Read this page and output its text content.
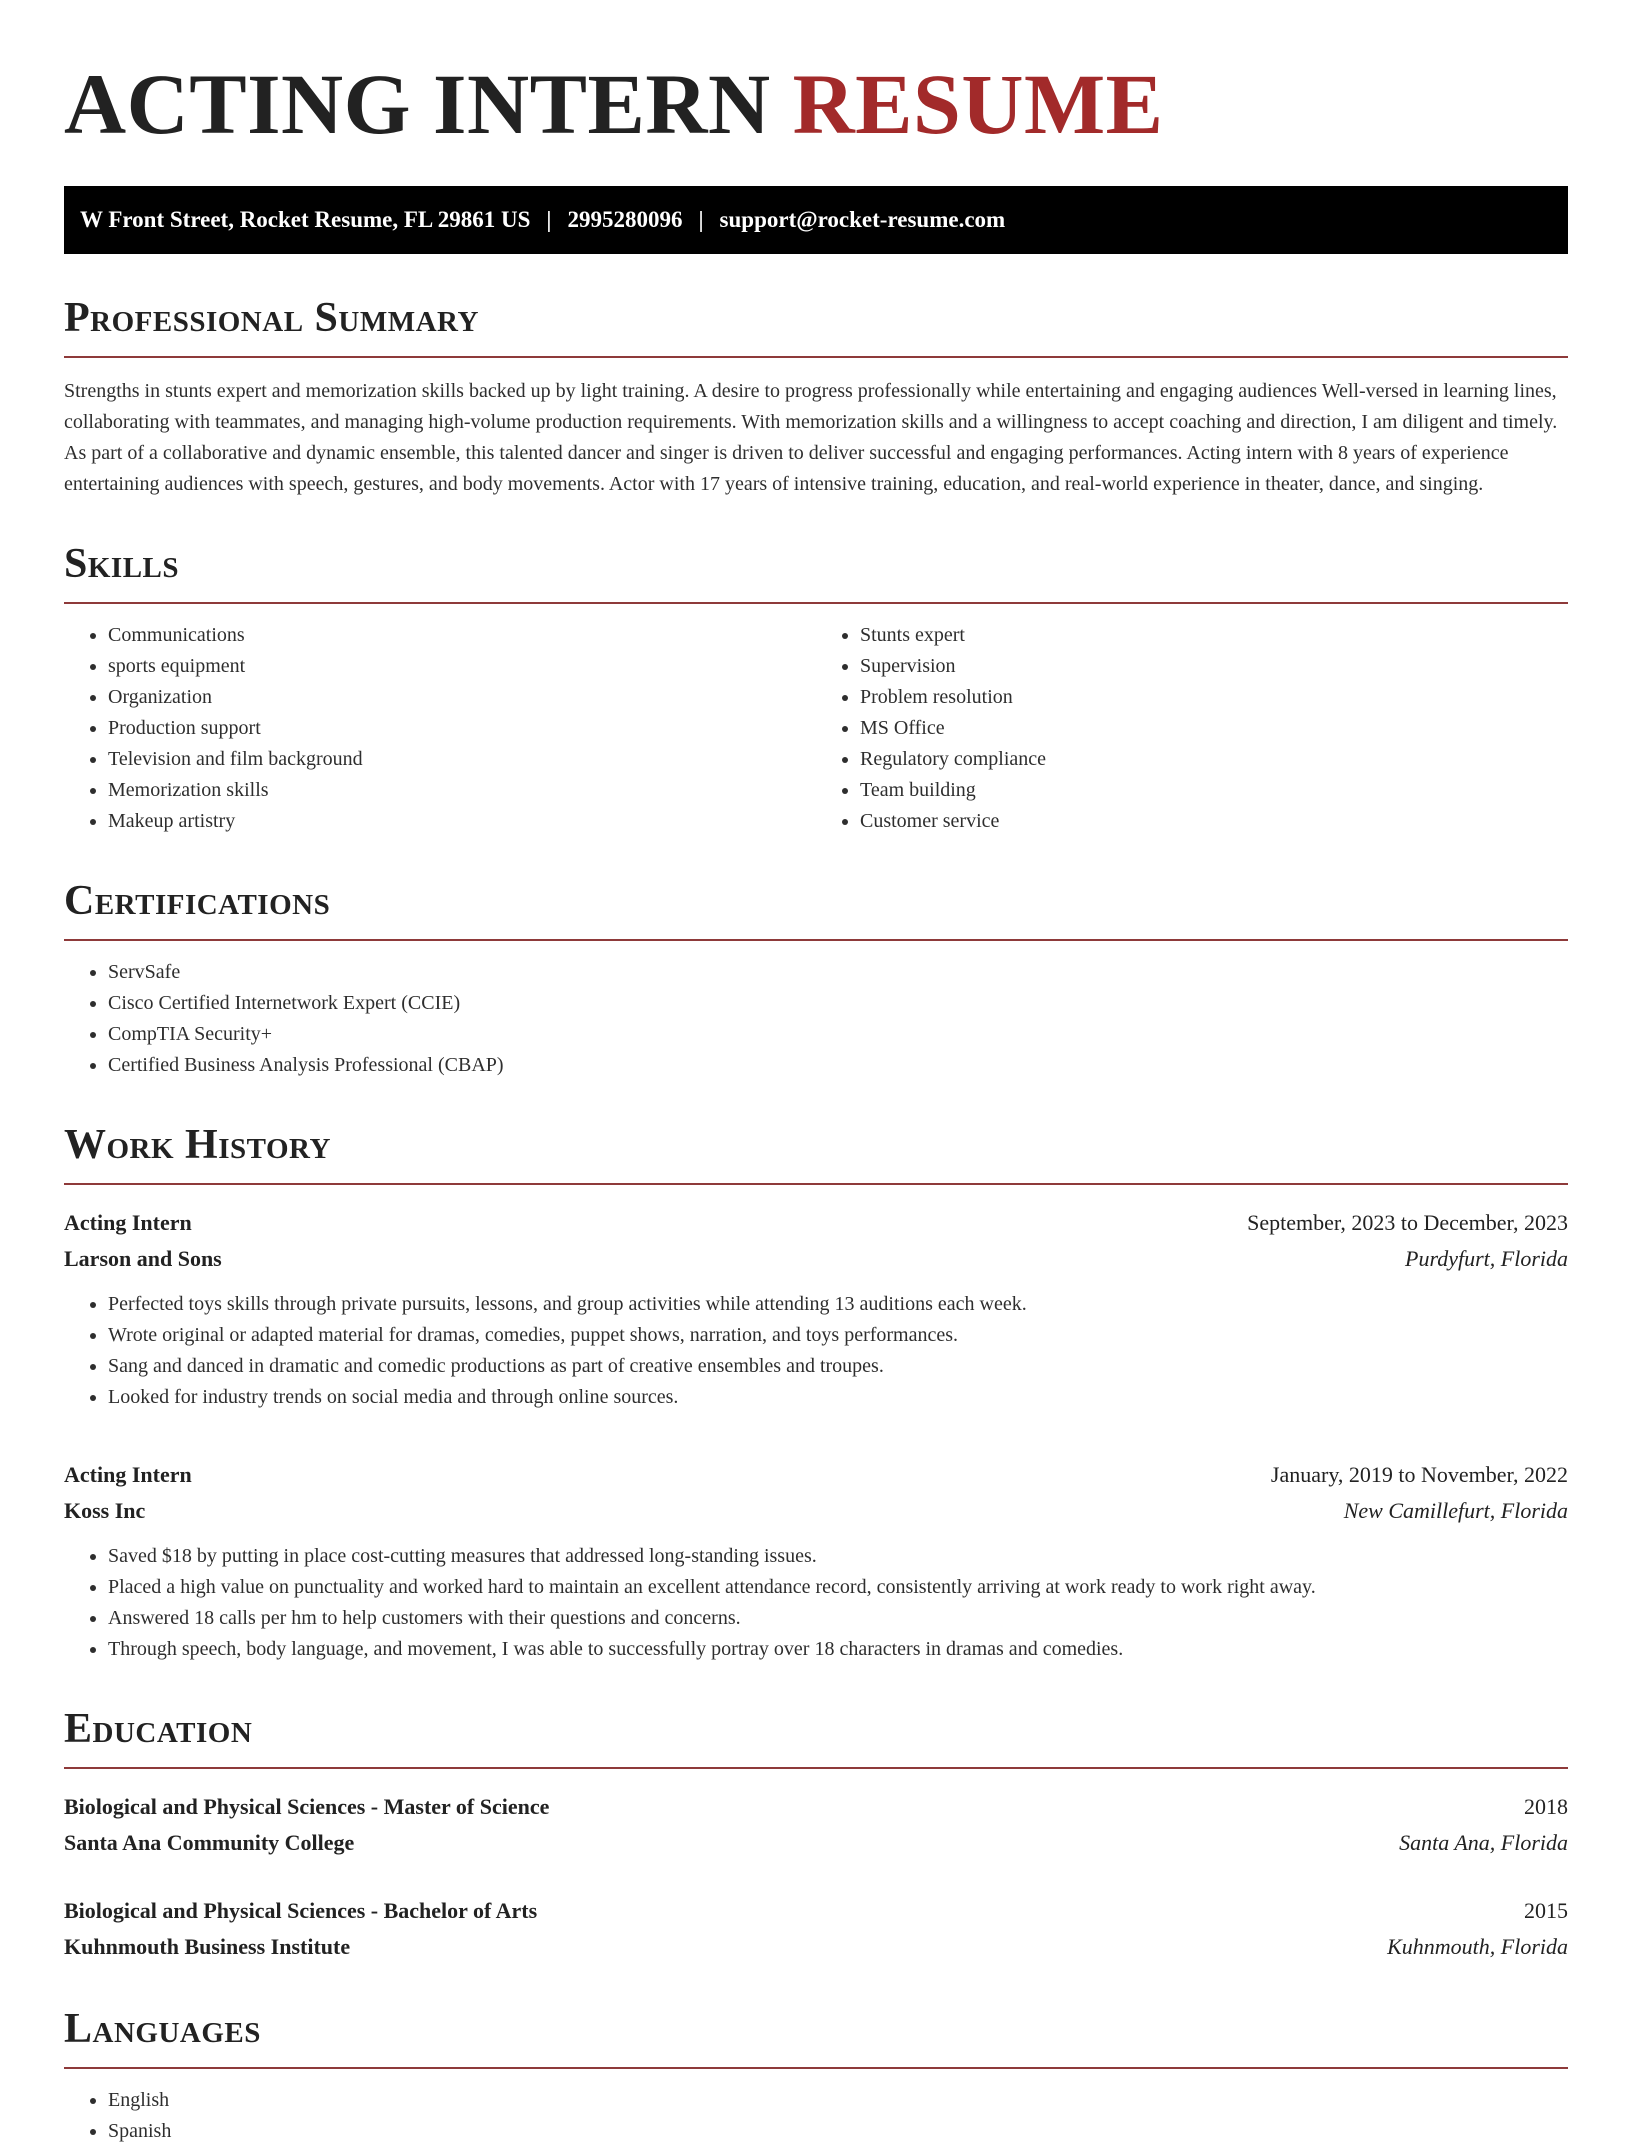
ACTING INTERN RESUME
W Front Street, Rocket Resume, FL 29861 US | 2995280096 | support@rocket-resume.com
Professional Summary

Strengths in stunts expert and memorization skills backed up by light training. A desire to progress professionally while entertaining and engaging audiences Well-versed in learning lines, collaborating with teammates, and managing high-volume production requirements. With memorization skills and a willingness to accept coaching and direction, I am diligent and timely. As part of a collaborative and dynamic ensemble, this talented dancer and singer is driven to deliver successful and engaging performances. Acting intern with 8 years of experience entertaining audiences with speech, gestures, and body movements. Actor with 17 years of intensive training, education, and real-world experience in theater, dance, and singing.

Skills
• Communications
• sports equipment
• Organization
• Production support
• Television and film background
• Memorization skills
• Makeup artistry
• Stunts expert
• Supervision
• Problem resolution
• MS Office
• Regulatory compliance
• Team building
• Customer service
Certifications
• ServSafe
• Cisco Certified Internetwork Expert (CCIE)
• CompTIA Security+
• Certified Business Analysis Professional (CBAP)
Work History
Acting Intern	September, 2023 to December, 2023
Larson and Sons	Purdyfurt, Florida
• Perfected toys skills through private pursuits, lessons, and group activities while attending 13 auditions each week.
• Wrote original or adapted material for dramas, comedies, puppet shows, narration, and toys performances.
• Sang and danced in dramatic and comedic productions as part of creative ensembles and troupes.
• Looked for industry trends on social media and through online sources.
Acting Intern	January, 2019 to November, 2022
Koss Inc	New Camillefurt, Florida
• Saved $18 by putting in place cost-cutting measures that addressed long-standing issues.
• Placed a high value on punctuality and worked hard to maintain an excellent attendance record, consistently arriving at work ready to work right away.
• Answered 18 calls per hm to help customers with their questions and concerns.
• Through speech, body language, and movement, I was able to successfully portray over 18 characters in dramas and comedies.
Education
Biological and Physical Sciences - Master of Science	2018
Santa Ana Community College	Santa Ana, Florida
Biological and Physical Sciences - Bachelor of Arts	2015
Kuhnmouth Business Institute	Kuhnmouth, Florida
Languages
• English
• Spanish
